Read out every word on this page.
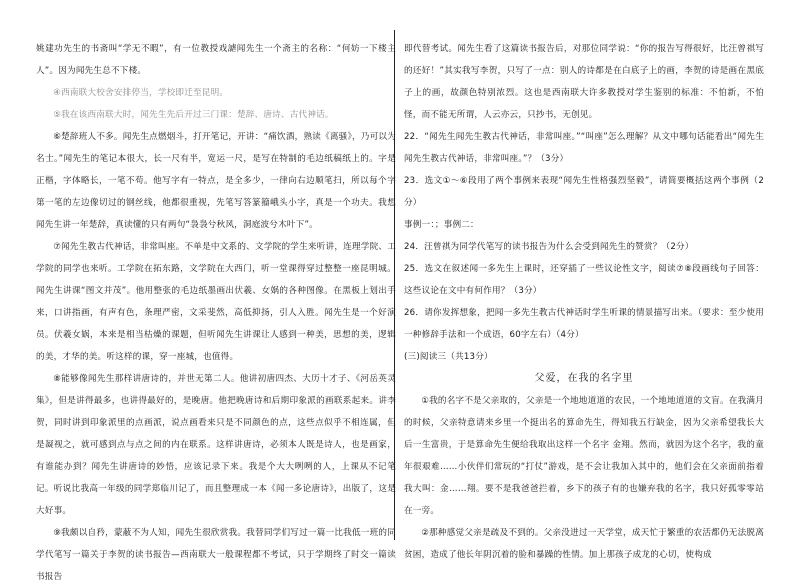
姚建功先生的书斋叫“学无不暇”，有一位教授戏謔闻先生一个斋主的名称：“何妨一下楼主人”。因为闻先生总不下楼。

④西南联大校舍安排停当，学校即迁至昆明。

⑤我在该西南联大时，闻先生先后开过三门课：楚辞、唐诗、古代神话。

⑥楚辞班人不多。闻先生点燃烟斗，打开笔记，开讲：“痛饮酒，熟读《离骚》，乃可以为名士。”闻先生的笔记本很大，长一尺有半，宽运一尺，是写在特制的毛边纸稿纸上的。字是正楷，字体略长，一笔不苟。他写字有一特点，是全多少，一律向右边顺笔扫，所以每个字第一笔的左边像切过的钢丝线，他都很重视，先笔写答篆籀峨头小字，真是一个功夫。我想闻先生讲一年楚辞，真读懂的只有两句“袅袅兮秋风，洞庭波兮木叶下”。

⑦闻先生教古代神话，非常叫座。不单是中文系的、文学院的学生来听讲，连理学院、工学院的同学也来听。工学院在拓东路，文学院在大西门，听一堂课得穿过整整一座昆明城。闻先生讲课“图文并茂”。他用整张的毛边纸墨画出伏羲、女娲的各种图像。在黑板上划出手来，口讲指画，有声有色，条理严密，文采斐然，高低抑扬，引人入胜。闻先生是一个好演员。伏羲女娲，本来是相当枯燥的课题，但听闻先生讲课让人感到一种美，思想的美，逻辑的美，才华的美。听这样的课，穿一座城，也值得。

⑧能够像闻先生那样讲唐诗的，并世无第二人。他讲初唐四杰、大历十才子、《河岳英灵集》，但是讲得最多，也讲得最好的，是晚唐。他把晚唐诗和后期印象派的画联系起来。讲李贺，同时讲到印象派里的点画派，说点画看来只是不同颜色的点，这些点似乎不相连属，但是凝视之，就可感到点与点之间的内在联系。这样讲唐诗，必须本人既是诗人，也是画家，有谁能办到？闻先生讲唐诗的妙悟，应该记录下来。我是个大大咧咧的人，上课从不记笔记。听说比我高一年级的同学郑临川记了，而且整理成一本《闻一多论唐诗》，出版了，这是大好事。

⑨我颇以自矜，蒙蔽不为人知，闻先生很欣赏我。我替同学们写过一篇一比我低一班的同学代笔写一篇关于李贺的读书报告—西南联大一般课程都不考试，只于学期终了时交一篇读书报告

即代替考试。闻先生看了这篇读书报告后，对那位同学说：“你的报告写得很好，比汪曾祺写的还好！”其实我写李贺，只写了一点：别人的诗都是在白底子上的画，李贺的诗是画在黑底子上的画，故颜色特别浓烈。这也是西南联大许多教授对学生鉴别的标准：不怕新，不怕怪，而不能无所谓，人云亦云，只抄书，无创见。

22．“闻先生闻先生教古代神话，非常叫座。”“叫座”怎么理解？从文中哪句话能看出“闻先生闻先生教古代神话，非常叫座。”？（3分）

23．选文①～⑥段用了两个事例来表现“闻先生性格强烈坚毅”，请简要概括这两个事例（2分）

事例一：；事例二：

24．汪曾祺为同学代笔写的读书报告为什么会受到闻先生的赞赏？（2分）

25．选文在叙述闻一多先生上课时，还穿插了一些议论性文字，阅读⑦⑧段画线句子回答：这些议论在文中有何作用？（3分）

26．请你发挥想象，把闻一多先生教古代神话时学生听课的情景描写出来。（要求：至少使用一种修辞手法和一个成语，60字左右）（4分）

(三)阅读三（共13分）

父爱，在我的名字里

①我的名字不是父亲取的，父亲是一个地地道道的农民，一个地地道道的文盲。在我满月的时候，父亲特意请来乡里一个挺出名的算命先生，得知我五行缺金，因为父亲希望我长大后一生富贵，于是算命先生便给我取出这样一个名字 金翔。然而，就因为这个名字，我的童年很艰难……小伙伴们常玩的“打仗”游戏，是不会让我加入其中的，他们会在父亲面前指着我大叫：金……翔。要不是我爸爸拦着，乡下的孩子有的也嫌弃我的名字，我只好孤零零站在一旁。

②那种感觉父亲是疏及不到的。父亲没进过一天学堂，成天忙于繁重的农活都仍无法脱离贫困，造成了他长年阴沉着的脸和暴躁的性情。加上那孩子成龙的心切，使构成
